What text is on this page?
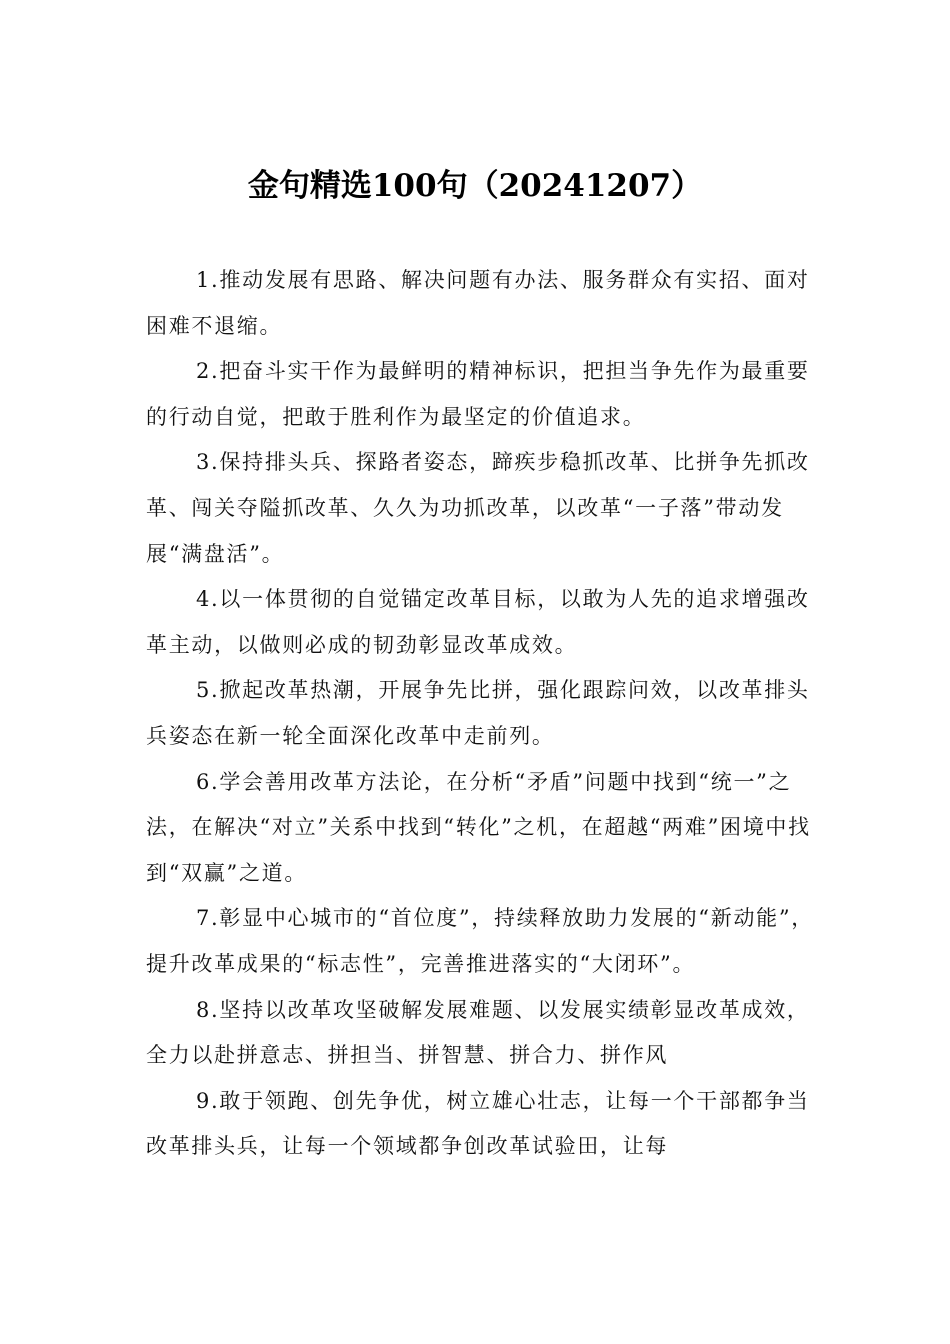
金句精选100句（20241207）

1.推动发展有思路、解决问题有办法、服务群众有实招、面对困难不退缩。

2.把奋斗实干作为最鲜明的精神标识，把担当争先作为最重要的行动自觉，把敢于胜利作为最坚定的价值追求。

3.保持排头兵、探路者姿态，蹄疾步稳抓改革、比拼争先抓改革、闯关夺隘抓改革、久久为功抓改革，以改革“一子落”带动发展“满盘活”。

4.以一体贯彻的自觉锚定改革目标，以敢为人先的追求增强改革主动，以做则必成的韧劲彰显改革成效。

5.掀起改革热潮，开展争先比拼，强化跟踪问效，以改革排头兵姿态在新一轮全面深化改革中走前列。

6.学会善用改革方法论，在分析“矛盾”问题中找到“统一”之法，在解决“对立”关系中找到“转化”之机，在超越“两难”困境中找到“双赢”之道。

7.彰显中心城市的“首位度”，持续释放助力发展的“新动能”，提升改革成果的“标志性”，完善推进落实的“大闭环”。

8.坚持以改革攻坚破解发展难题、以发展实绩彰显改革成效，全力以赴拼意志、拼担当、拼智慧、拼合力、拼作风

9.敢于领跑、创先争优，树立雄心壮志，让每一个干部都争当改革排头兵，让每一个领域都争创改革试验田，让每
